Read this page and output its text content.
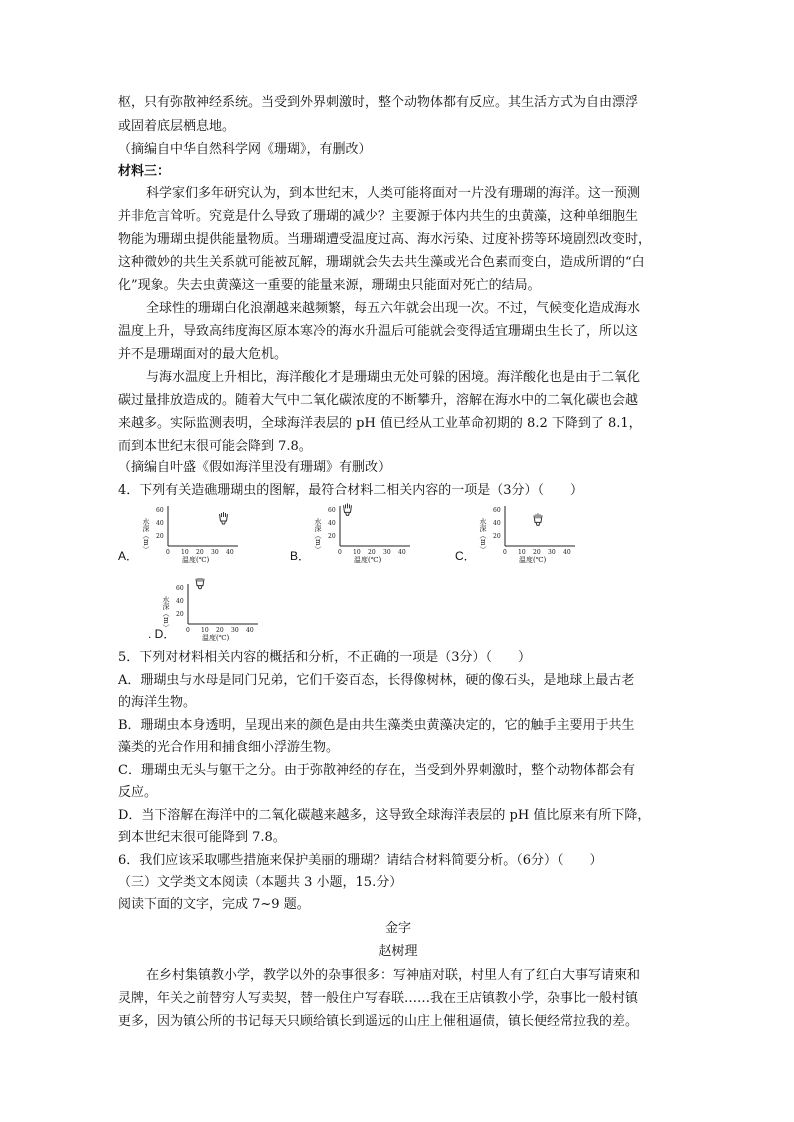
枢，只有弥散神经系统。当受到外界刺激时，整个动物体都有反应。其生活方式为自由漂浮

或固着底层栖息地。

（摘编自中华自然科学网《珊瑚》，有删改）

材料三：

科学家们多年研究认为，到本世纪末，人类可能将面对一片没有珊瑚的海洋。这一预测

并非危言耸听。究竟是什么导致了珊瑚的减少？主要源于体内共生的虫黄藻，这种单细胞生

物能为珊瑚虫提供能量物质。当珊瑚遭受温度过高、海水污染、过度补捞等环境剧烈改变时，

这种微妙的共生关系就可能被瓦解，珊瑚就会失去共生藻或光合色素而变白，造成所谓的“白

化”现象。失去虫黄藻这一重要的能量来源，珊瑚虫只能面对死亡的结局。

全球性的珊瑚白化浪潮越来越频繁，每五六年就会出现一次。不过，气候变化造成海水

温度上升，导致高纬度海区原本寒冷的海水升温后可能就会变得适宜珊瑚虫生长了，所以这

并不是珊瑚面对的最大危机。

与海水温度上升相比，海洋酸化才是珊瑚虫无处可躲的困境。海洋酸化也是由于二氧化

碳过量排放造成的。随着大气中二氧化碳浓度的不断攀升，溶解在海水中的二氧化碳也会越

来越多。实际监测表明，全球海洋表层的 pH 值已经从工业革命初期的 8.2 下降到了 8.1，

而到本世纪末很可能会降到 7.8。

（摘编自叶盛《假如海洋里没有珊瑚》有删改）

4．下列有关造礁珊瑚虫的图解，最符合材料二相关内容的一项是（3分）（　　）

A．
水深（m）
60
40
20
0 10 20 30 40
温度(℃)	B．
水深（m）
60
40
20
0 10 20 30 40
温度(℃)	C．
水深（m）
60
40
20
0 10 20 30 40
温度(℃)
. D．
水深（m）
60
40
20
0 10 20 30 40
温度(℃)

5．下列对材料相关内容的概括和分析，不正确的一项是（3分）（　　）

A．珊瑚虫与水母是同门兄弟，它们千姿百态，长得像树林，硬的像石头，是地球上最古老

的海洋生物。

B．珊瑚虫本身透明，呈现出来的颜色是由共生藻类虫黄藻决定的，它的触手主要用于共生

藻类的光合作用和捕食细小浮游生物。

C．珊瑚虫无头与躯干之分。由于弥散神经的存在，当受到外界刺激时，整个动物体都会有

反应。

D．当下溶解在海洋中的二氧化碳越来越多，这导致全球海洋表层的 pH 值比原来有所下降，

到本世纪末很可能降到 7.8。

6．我们应该采取哪些措施来保护美丽的珊瑚？请结合材料简要分析。（6分）（　　）

（三）文学类文本阅读（本题共 3 小题，15.分）

阅读下面的文字，完成 7~9 题。

金字

赵树理

在乡村集镇教小学，教学以外的杂事很多：写神庙对联，村里人有了红白大事写请柬和

灵牌，年关之前替穷人写卖契，替一般住户写春联……我在王店镇教小学，杂事比一般村镇

更多，因为镇公所的书记每天只顾给镇长到遥远的山庄上催租逼债，镇长便经常拉我的差。
